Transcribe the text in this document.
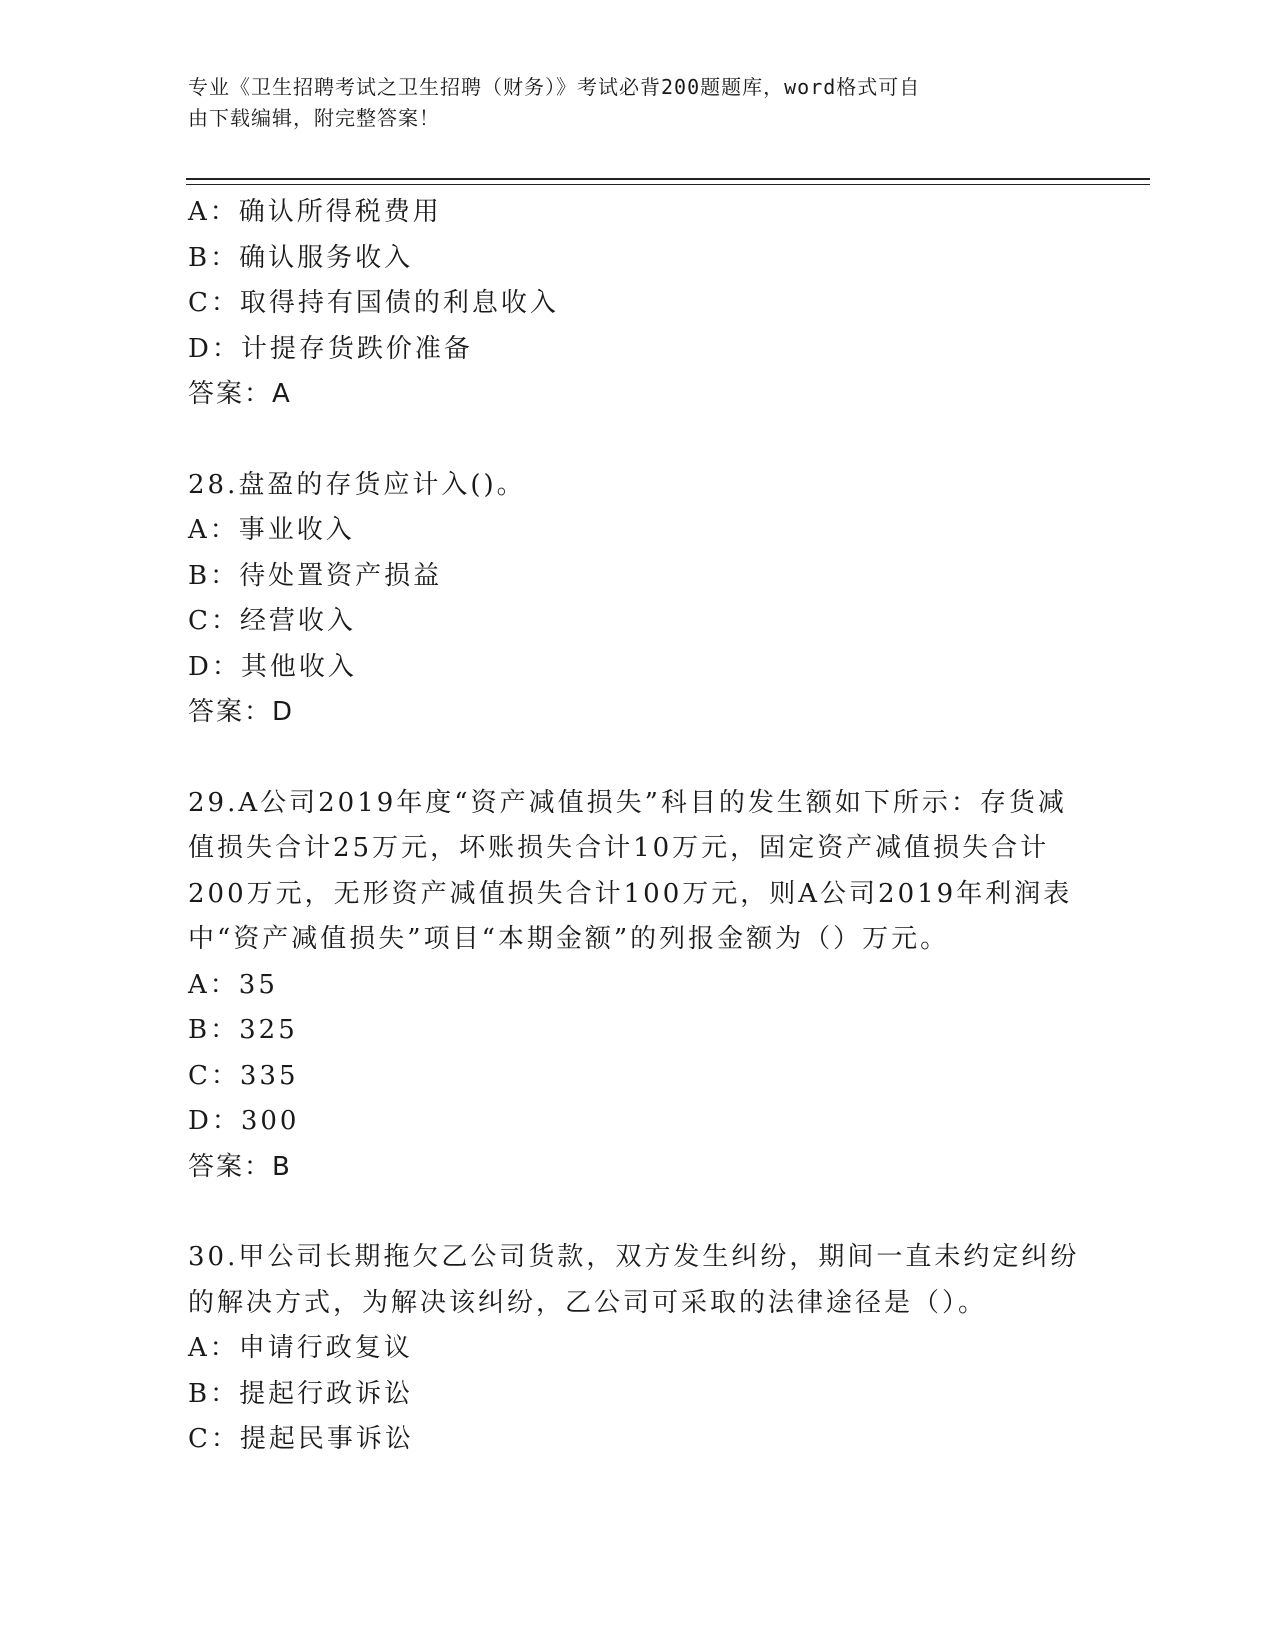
专业《卫生招聘考试之卫生招聘（财务）》考试必背200题题库，word格式可自
由下载编辑，附完整答案！
A：确认所得税费用
B：确认服务收入
C：取得持有国债的利息收入
D：计提存货跌价准备
答案：A
28.盘盈的存货应计入()。
A：事业收入
B：待处置资产损益
C：经营收入
D：其他收入
答案：D
29.A公司2019年度“资产减值损失”科目的发生额如下所示：存货减
值损失合计25万元，坏账损失合计10万元，固定资产减值损失合计
200万元，无形资产减值损失合计100万元，则A公司2019年利润表
中“资产减值损失”项目“本期金额”的列报金额为（）万元。
A：35
B：325
C：335
D：300
答案：B
30.甲公司长期拖欠乙公司货款，双方发生纠纷，期间一直未约定纠纷
的解决方式，为解决该纠纷，乙公司可采取的法律途径是（）。
A：申请行政复议
B：提起行政诉讼
C：提起民事诉讼
